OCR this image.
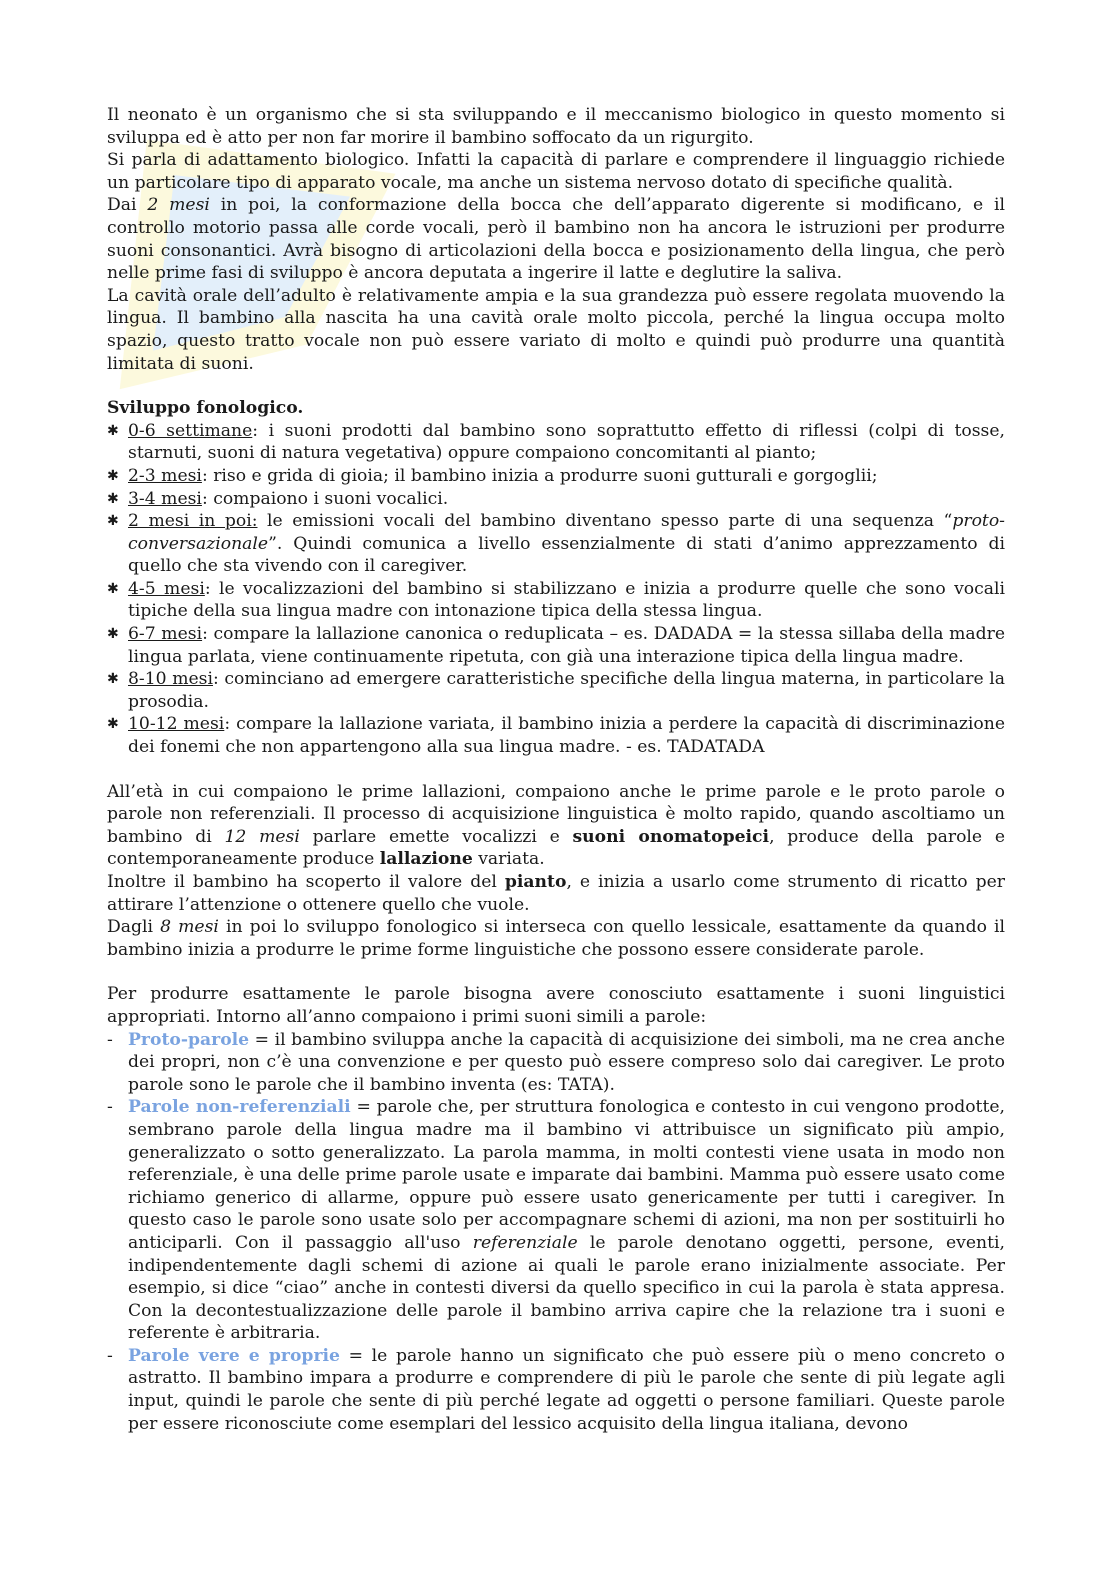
Il neonato è un organismo che si sta sviluppando e il meccanismo biologico in questo momento si sviluppa ed è atto per non far morire il bambino soffocato da un rigurgito.

Si parla di adattamento biologico. Infatti la capacità di parlare e comprendere il linguaggio richiede un particolare tipo di apparato vocale, ma anche un sistema nervoso dotato di specifiche qualità.

Dai 2 mesi in poi, la conformazione della bocca che dell’apparato digerente si modificano, e il controllo motorio passa alle corde vocali, però il bambino non ha ancora le istruzioni per produrre suoni consonantici. Avrà bisogno di articolazioni della bocca e posizionamento della lingua, che però nelle prime fasi di sviluppo è ancora deputata a ingerire il latte e deglutire la saliva.

La cavità orale dell’adulto è relativamente ampia e la sua grandezza può essere regolata muovendo la lingua. Il bambino alla nascita ha una cavità orale molto piccola, perché la lingua occupa molto spazio, questo tratto vocale non può essere variato di molto e quindi può produrre una quantità limitata di suoni.

Sviluppo fonologico.

✱ 0-6 settimane: i suoni prodotti dal bambino sono soprattutto effetto di riflessi (colpi di tosse, starnuti, suoni di natura vegetativa) oppure compaiono concomitanti al pianto;
✱ 2-3 mesi: riso e grida di gioia; il bambino inizia a produrre suoni gutturali e gorgoglii;
✱ 3-4 mesi: compaiono i suoni vocalici.
✱ 2 mesi in poi: le emissioni vocali del bambino diventano spesso parte di una sequenza “proto-conversazionale”. Quindi comunica a livello essenzialmente di stati d’animo apprezzamento di quello che sta vivendo con il caregiver.
✱ 4-5 mesi: le vocalizzazioni del bambino si stabilizzano e inizia a produrre quelle che sono vocali tipiche della sua lingua madre con intonazione tipica della stessa lingua.
✱ 6-7 mesi: compare la lallazione canonica o reduplicata – es. DADADA = la stessa sillaba della madre lingua parlata, viene continuamente ripetuta, con già una interazione tipica della lingua madre.
✱ 8-10 mesi: cominciano ad emergere caratteristiche specifiche della lingua materna, in particolare la prosodia.
✱ 10-12 mesi: compare la lallazione variata, il bambino inizia a perdere la capacità di discriminazione dei fonemi che non appartengono alla sua lingua madre. - es. TADATADA

All’età in cui compaiono le prime lallazioni, compaiono anche le prime parole e le proto parole o parole non referenziali. Il processo di acquisizione linguistica è molto rapido, quando ascoltiamo un bambino di 12 mesi parlare emette vocalizzi e suoni onomatopeici, produce della parole e contemporaneamente produce lallazione variata.

Inoltre il bambino ha scoperto il valore del pianto, e inizia a usarlo come strumento di ricatto per attirare l’attenzione o ottenere quello che vuole.

Dagli 8 mesi in poi lo sviluppo fonologico si interseca con quello lessicale, esattamente da quando il bambino inizia a produrre le prime forme linguistiche che possono essere considerate parole.

Per produrre esattamente le parole bisogna avere conosciuto esattamente i suoni linguistici appropriati. Intorno all’anno compaiono i primi suoni simili a parole:

- Proto-parole = il bambino sviluppa anche la capacità di acquisizione dei simboli, ma ne crea anche dei propri, non c’è una convenzione e per questo può essere compreso solo dai caregiver. Le proto parole sono le parole che il bambino inventa (es: TATA).
- Parole non-referenziali = parole che, per struttura fonologica e contesto in cui vengono prodotte, sembrano parole della lingua madre ma il bambino vi attribuisce un significato più ampio, generalizzato o sotto generalizzato. La parola mamma, in molti contesti viene usata in modo non referenziale, è una delle prime parole usate e imparate dai bambini. Mamma può essere usato come richiamo generico di allarme, oppure può essere usato genericamente per tutti i caregiver. In questo caso le parole sono usate solo per accompagnare schemi di azioni, ma non per sostituirli ho anticiparli. Con il passaggio all'uso referenziale le parole denotano oggetti, persone, eventi, indipendentemente dagli schemi di azione ai quali le parole erano inizialmente associate. Per esempio, si dice “ciao” anche in contesti diversi da quello specifico in cui la parola è stata appresa. Con la decontestualizzazione delle parole il bambino arriva capire che la relazione tra i suoni e referente è arbitraria.
- Parole vere e proprie = le parole hanno un significato che può essere più o meno concreto o astratto. Il bambino impara a produrre e comprendere di più le parole che sente di più legate agli input, quindi le parole che sente di più perché legate ad oggetti o persone familiari. Queste parole per essere riconosciute come esemplari del lessico acquisito della lingua italiana, devono
